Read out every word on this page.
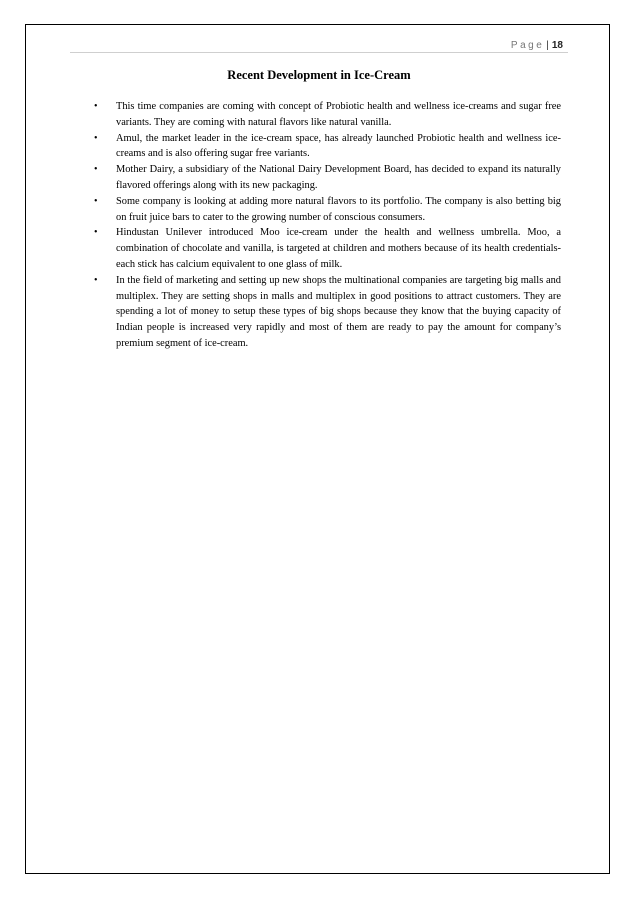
Page | 18
Recent Development in Ice-Cream
• This time companies are coming with concept of Probiotic health and wellness ice-creams and sugar free variants. They are coming with natural flavors like natural vanilla.
• Amul, the market leader in the ice-cream space, has already launched Probiotic health and wellness ice-creams and is also offering sugar free variants.
• Mother Dairy, a subsidiary of the National Dairy Development Board, has decided to expand its naturally flavored offerings along with its new packaging.
• Some company is looking at adding more natural flavors to its portfolio. The company is also betting big on fruit juice bars to cater to the growing number of conscious consumers.
• Hindustan Unilever introduced Moo ice-cream under the health and wellness umbrella. Moo, a combination of chocolate and vanilla, is targeted at children and mothers because of its health credentials- each stick has calcium equivalent to one glass of milk.
• In the field of marketing and setting up new shops the multinational companies are targeting big malls and multiplex. They are setting shops in malls and multiplex in good positions to attract customers. They are spending a lot of money to setup these types of big shops because they know that the buying capacity of Indian people is increased very rapidly and most of them are ready to pay the amount for company’s premium segment of ice-cream.
